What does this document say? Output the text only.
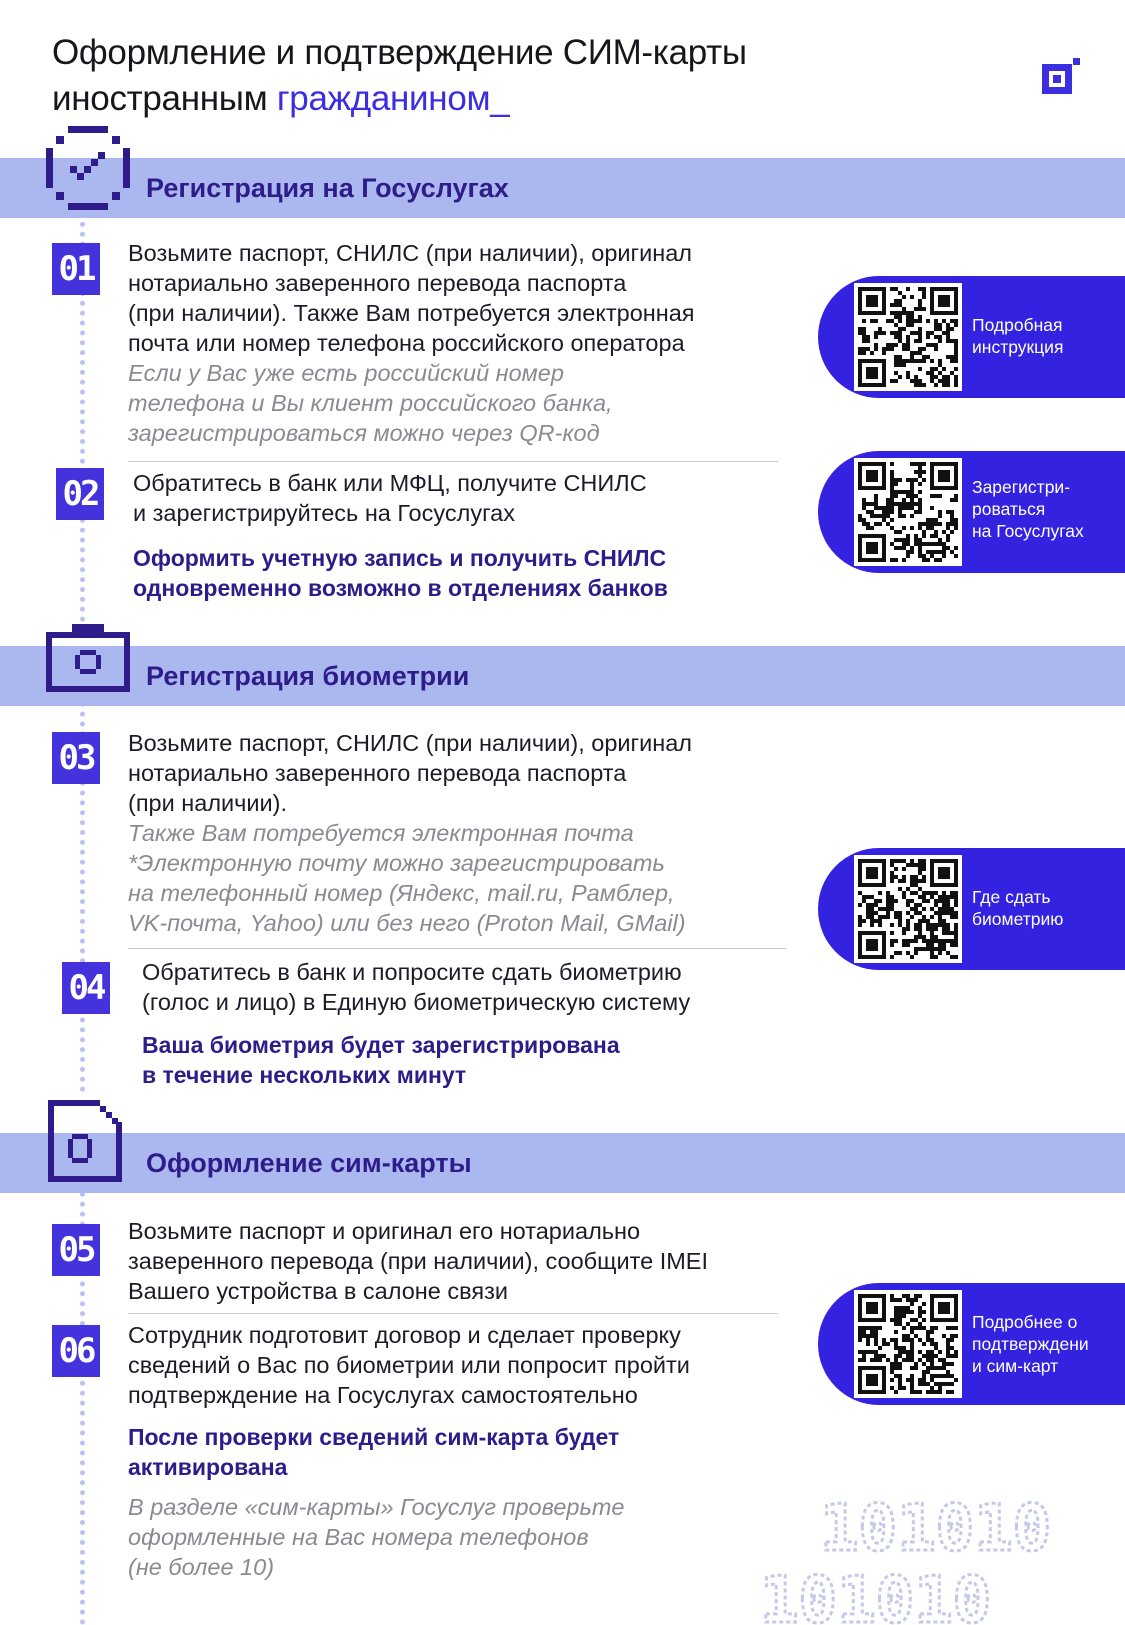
Оформление и подтверждение СИМ-карты
иностранным гражданином_
Регистрация на Госуслугах
01 Возьмите паспорт, СНИЛС (при наличии), оригинал
нотариально заверенного перевода паспорта
(при наличии). Также Вам потребуется электронная
почта или номер телефона российского оператора
Если у Вас уже есть российский номер
телефона и Вы клиент российского банка,
зарегистрироваться можно через QR-код
02 Обратитесь в банк или МФЦ, получите СНИЛС
и зарегистрируйтесь на Госуслугах
Оформить учетную запись и получить СНИЛС
одновременно возможно в отделениях банков
Регистрация биометрии
03 Возьмите паспорт, СНИЛС (при наличии), оригинал
нотариально заверенного перевода паспорта
(при наличии).
Также Вам потребуется электронная почта
*Электронную почту можно зарегистрировать
на телефонный номер (Яндекс, mail.ru, Рамблер,
VK-почта, Yahoo) или без него (Proton Mail, GMail)
04 Обратитесь в банк и попросите сдать биометрию
(голос и лицо) в Единую биометрическую систему
Ваша биометрия будет зарегистрирована
в течение нескольких минут
Оформление сим-карты
05 Возьмите паспорт и оригинал его нотариально
заверенного перевода (при наличии), сообщите IMEI
Вашего устройства в салоне связи
06 Сотрудник подготовит договор и сделает проверку
сведений о Вас по биометрии или попросит пройти
подтверждение на Госуслугах самостоятельно
После проверки сведений сим-карта будет
активирована
В разделе «сим-карты» Госуслуг проверьте
оформленные на Вас номера телефонов
(не более 10)
Подробная
инструкция
Зарегистри-
роваться
на Госуслугах
Где сдать
биометрию
Подробнее о
подтверждени
и сим-карт
101010
101010
